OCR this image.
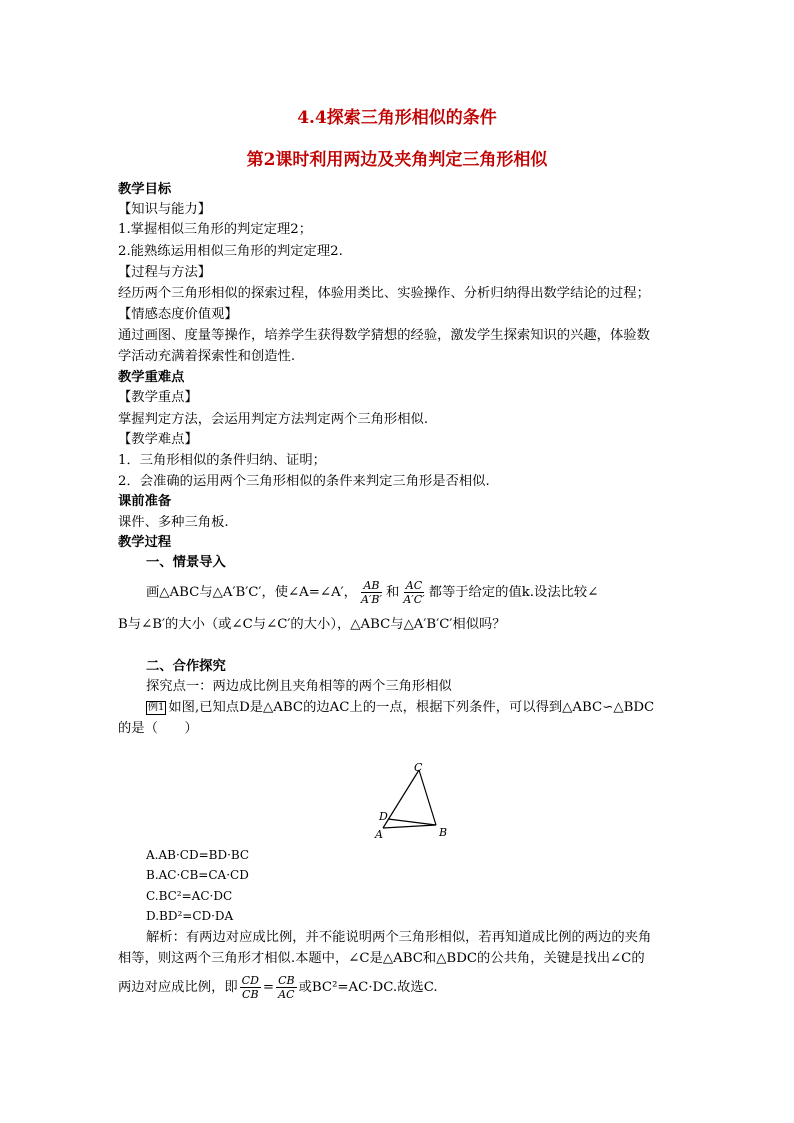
4.4探索三角形相似的条件
第2课时利用两边及夹角判定三角形相似
教学目标
【知识与能力】
1.掌握相似三角形的判定定理2；
2.能熟练运用相似三角形的判定定理2.
【过程与方法】
经历两个三角形相似的探索过程，体验用类比、实验操作、分析归纳得出数学结论的过程；
【情感态度价值观】
通过画图、度量等操作，培养学生获得数学猜想的经验，激发学生探索知识的兴趣，体验数
学活动充满着探索性和创造性.
教学重难点
【教学重点】
掌握判定方法，会运用判定方法判定两个三角形相似.
【教学难点】
1．三角形相似的条件归纳、证明；
2．会准确的运用两个三角形相似的条件来判定三角形是否相似.
课前准备
课件、多种三角板.
教学过程
一、情景导入
画△ABC与△A′B′C′，使∠A=∠A′， $\frac{AB}{A'B'}$ 和 $\frac{AC}{A'C'}$ 都等于给定的值k.设法比较∠
B与∠B′的大小（或∠C与∠C′的大小），△ABC与△A′B′C′相似吗？
二、合作探究
探究点一：两边成比例且夹角相等的两个三角形相似
例1 如图,已知点D是△ABC的边AC上的一点，根据下列条件，可以得到△ABC∽△BDC
的是（　　）
C
A	B
D
A.AB·CD=BD·BC
B.AC·CB=CA·CD
C.BC²=AC·DC
D.BD²=CD·DA
解析：有两边对应成比例，并不能说明两个三角形相似，若再知道成比例的两边的夹角
相等，则这两个三角形才相似.本题中，∠C是△ABC和△BDC的公共角，关键是找出∠C的
两边对应成比例，即 $\frac{CD}{CB} = \frac{CB}{AC}$ 或BC²=AC·DC.故选C.
